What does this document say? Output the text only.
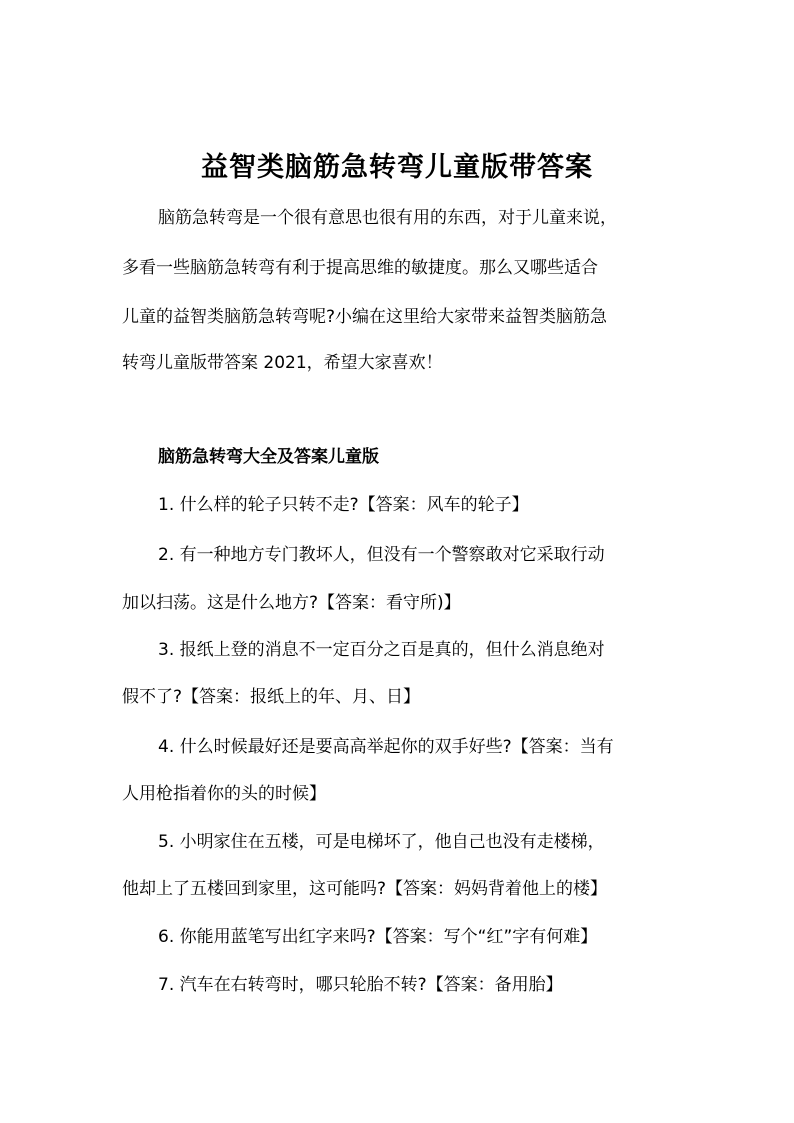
益智类脑筋急转弯儿童版带答案
脑筋急转弯是一个很有意思也很有用的东西，对于儿童来说，
多看一些脑筋急转弯有利于提高思维的敏捷度。那么又哪些适合
儿童的益智类脑筋急转弯呢?小编在这里给大家带来益智类脑筋急
转弯儿童版带答案 2021，希望大家喜欢！
脑筋急转弯大全及答案儿童版
1. 什么样的轮子只转不走?【答案：风车的轮子】
2. 有一种地方专门教坏人，但没有一个警察敢对它采取行动
加以扫荡。这是什么地方?【答案：看守所)】
3. 报纸上登的消息不一定百分之百是真的，但什么消息绝对
假不了?【答案：报纸上的年、月、日】
4. 什么时候最好还是要高高举起你的双手好些?【答案：当有
人用枪指着你的头的时候】
5. 小明家住在五楼，可是电梯坏了，他自己也没有走楼梯，
他却上了五楼回到家里，这可能吗?【答案：妈妈背着他上的楼】
6. 你能用蓝笔写出红字来吗?【答案：写个“红”字有何难】
7. 汽车在右转弯时，哪只轮胎不转?【答案：备用胎】
